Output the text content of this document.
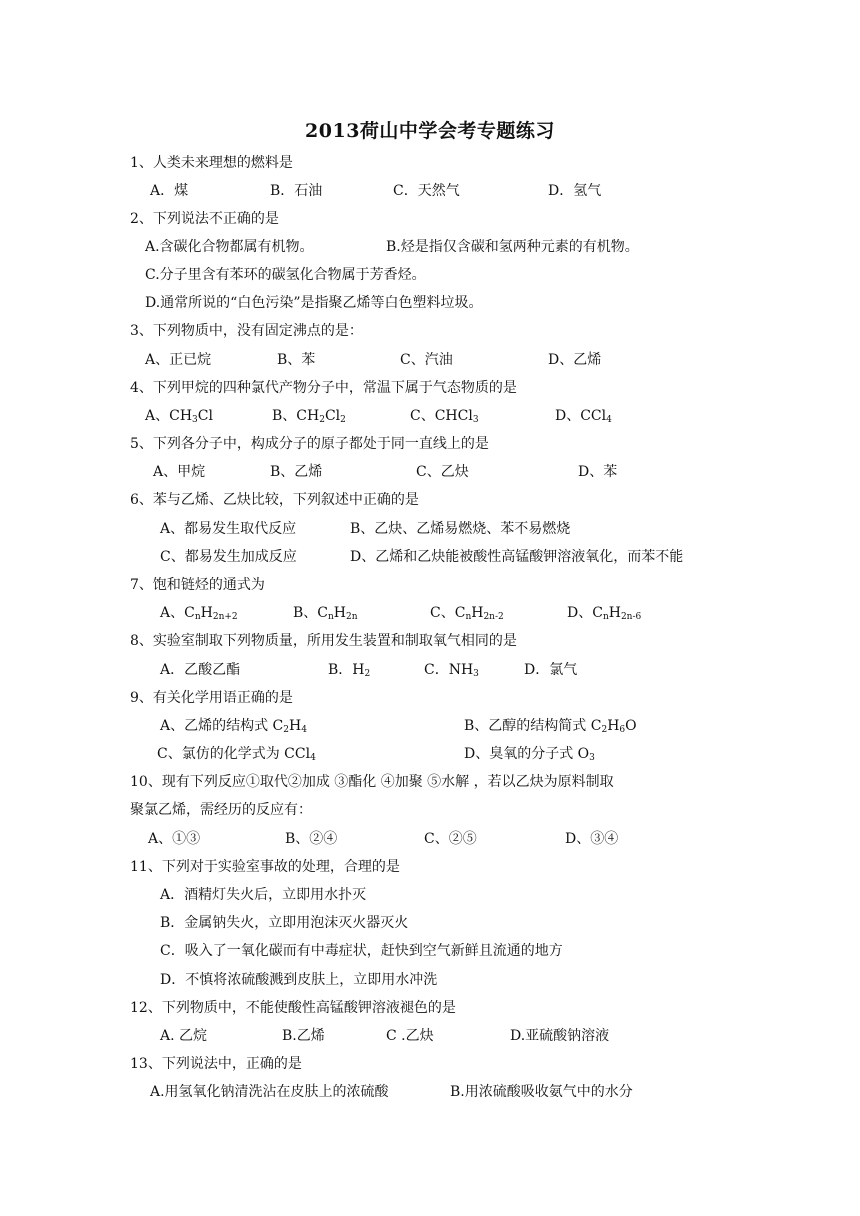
2013荷山中学会考专题练习
1、人类未来理想的燃料是
A．煤	B．石油	C．天然气	D．氢气
2、下列说法不正确的是
A.含碳化合物都属有机物。	B.烃是指仅含碳和氢两种元素的有机物。
C.分子里含有苯环的碳氢化合物属于芳香烃。
D.通常所说的“白色污染”是指聚乙烯等白色塑料垃圾。
3、下列物质中，没有固定沸点的是：
A、正已烷	B、苯	C、汽油	D、乙烯
4、下列甲烷的四种氯代产物分子中，常温下属于气态物质的是
A、$CH_3Cl$	B、$CH_2Cl_2$	C、CHCl$_3$	D、CCl$_4$
5、下列各分子中，构成分子的原子都处于同一直线上的是
A、甲烷	B、乙烯	C、乙炔	D、苯
6、苯与乙烯、乙炔比较，下列叙述中正确的是
A、都易发生取代反应	B、乙炔、乙烯易燃烧、苯不易燃烧
C、都易发生加成反应	D、乙烯和乙炔能被酸性高锰酸钾溶液氧化，而苯不能
7、饱和链烃的通式为
A、$C_nH_{2n+2}$	B、$C_nH_{2n}$	C、$C_nH_{2n-2}$	D、$C_nH_{2n-6}$
8、实验室制取下列物质量，所用发生装置和制取氧气相同的是
A．乙酸乙酯	B．$H_2$	C．$NH_3$	D．氯气
9、有关化学用语正确的是
A、乙烯的结构式 $C_2H_4$	B、乙醇的结构简式 $C_2H_6O$
C、氯仿的化学式为 CCl$_4$	D、臭氧的分子式 $O_3$
10、现有下列反应①取代②加成 ③酯化 ④加聚 ⑤水解 ，若以乙炔为原料制取
聚氯乙烯，需经历的反应有：
A、①③	B、②④	C、②⑤	D、③④
11、下列对于实验室事故的处理，合理的是
A．酒精灯失火后，立即用水扑灭
B．金属钠失火，立即用泡沫灭火器灭火
C．吸入了一氧化碳而有中毒症状，赶快到空气新鲜且流通的地方
D．不慎将浓硫酸溅到皮肤上，立即用水冲洗
12、下列物质中，不能使酸性高锰酸钾溶液褪色的是
A. 乙烷	B.乙烯	C .乙炔	D.亚硫酸钠溶液
13、下列说法中，正确的是
A.用氢氧化钠清洗沾在皮肤上的浓硫酸	B.用浓硫酸吸收氨气中的水分
